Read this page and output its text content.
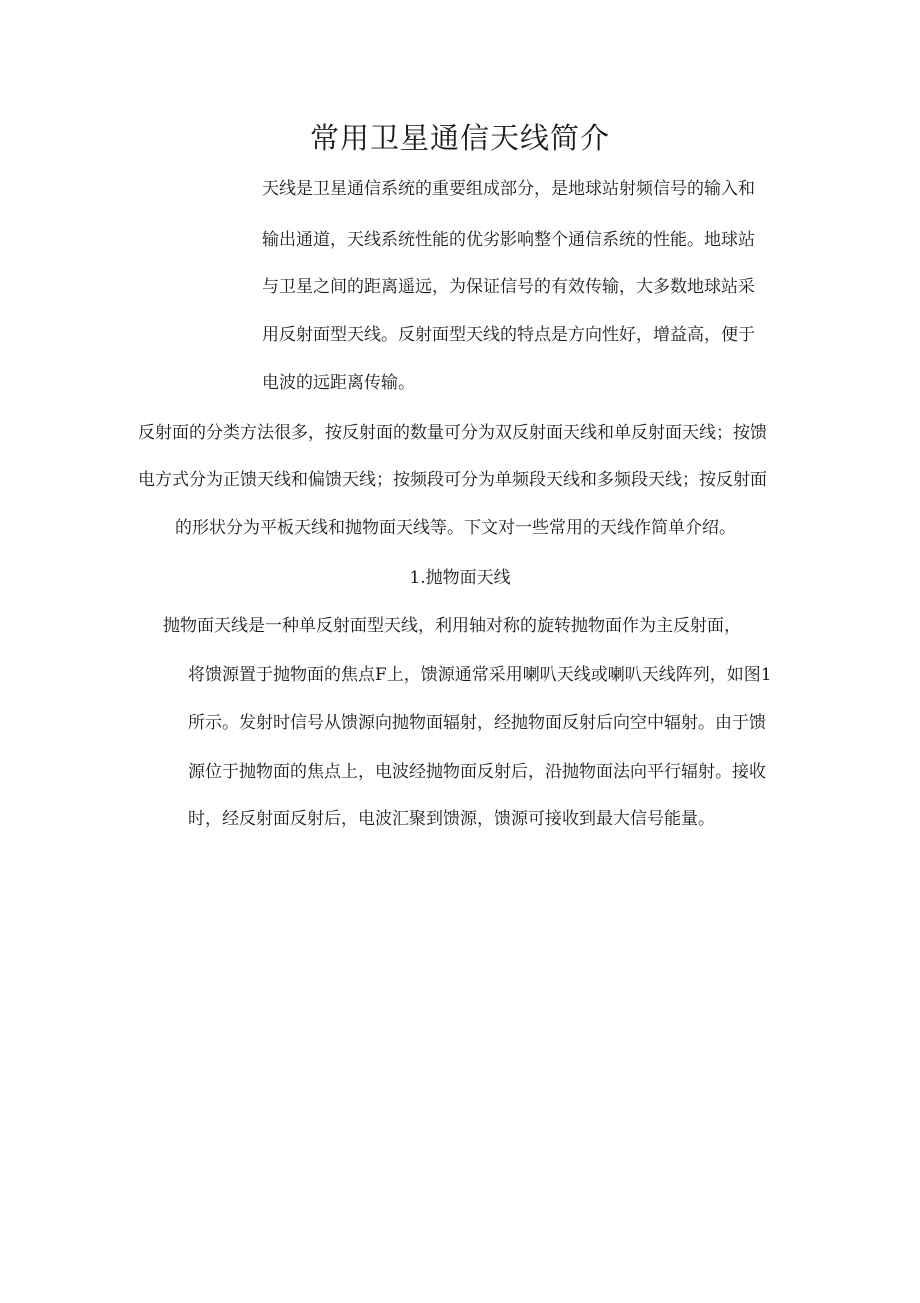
常用卫星通信天线简介

天线是卫星通信系统的重要组成部分，是地球站射频信号的输入和

输出通道，天线系统性能的优劣影响整个通信系统的性能。地球站

与卫星之间的距离遥远，为保证信号的有效传输，大多数地球站采

用反射面型天线。反射面型天线的特点是方向性好，增益高，便于

电波的远距离传输。

反射面的分类方法很多，按反射面的数量可分为双反射面天线和单反射面天线；按馈

电方式分为正馈天线和偏馈天线；按频段可分为单频段天线和多频段天线；按反射面

的形状分为平板天线和抛物面天线等。下文对一些常用的天线作简单介绍。

1.抛物面天线

抛物面天线是一种单反射面型天线，利用轴对称的旋转抛物面作为主反射面，

将馈源置于抛物面的焦点F上，馈源通常采用喇叭天线或喇叭天线阵列，如图1

所示。发射时信号从馈源向抛物面辐射，经抛物面反射后向空中辐射。由于馈

源位于抛物面的焦点上，电波经抛物面反射后，沿抛物面法向平行辐射。接收

时，经反射面反射后，电波汇聚到馈源，馈源可接收到最大信号能量。
